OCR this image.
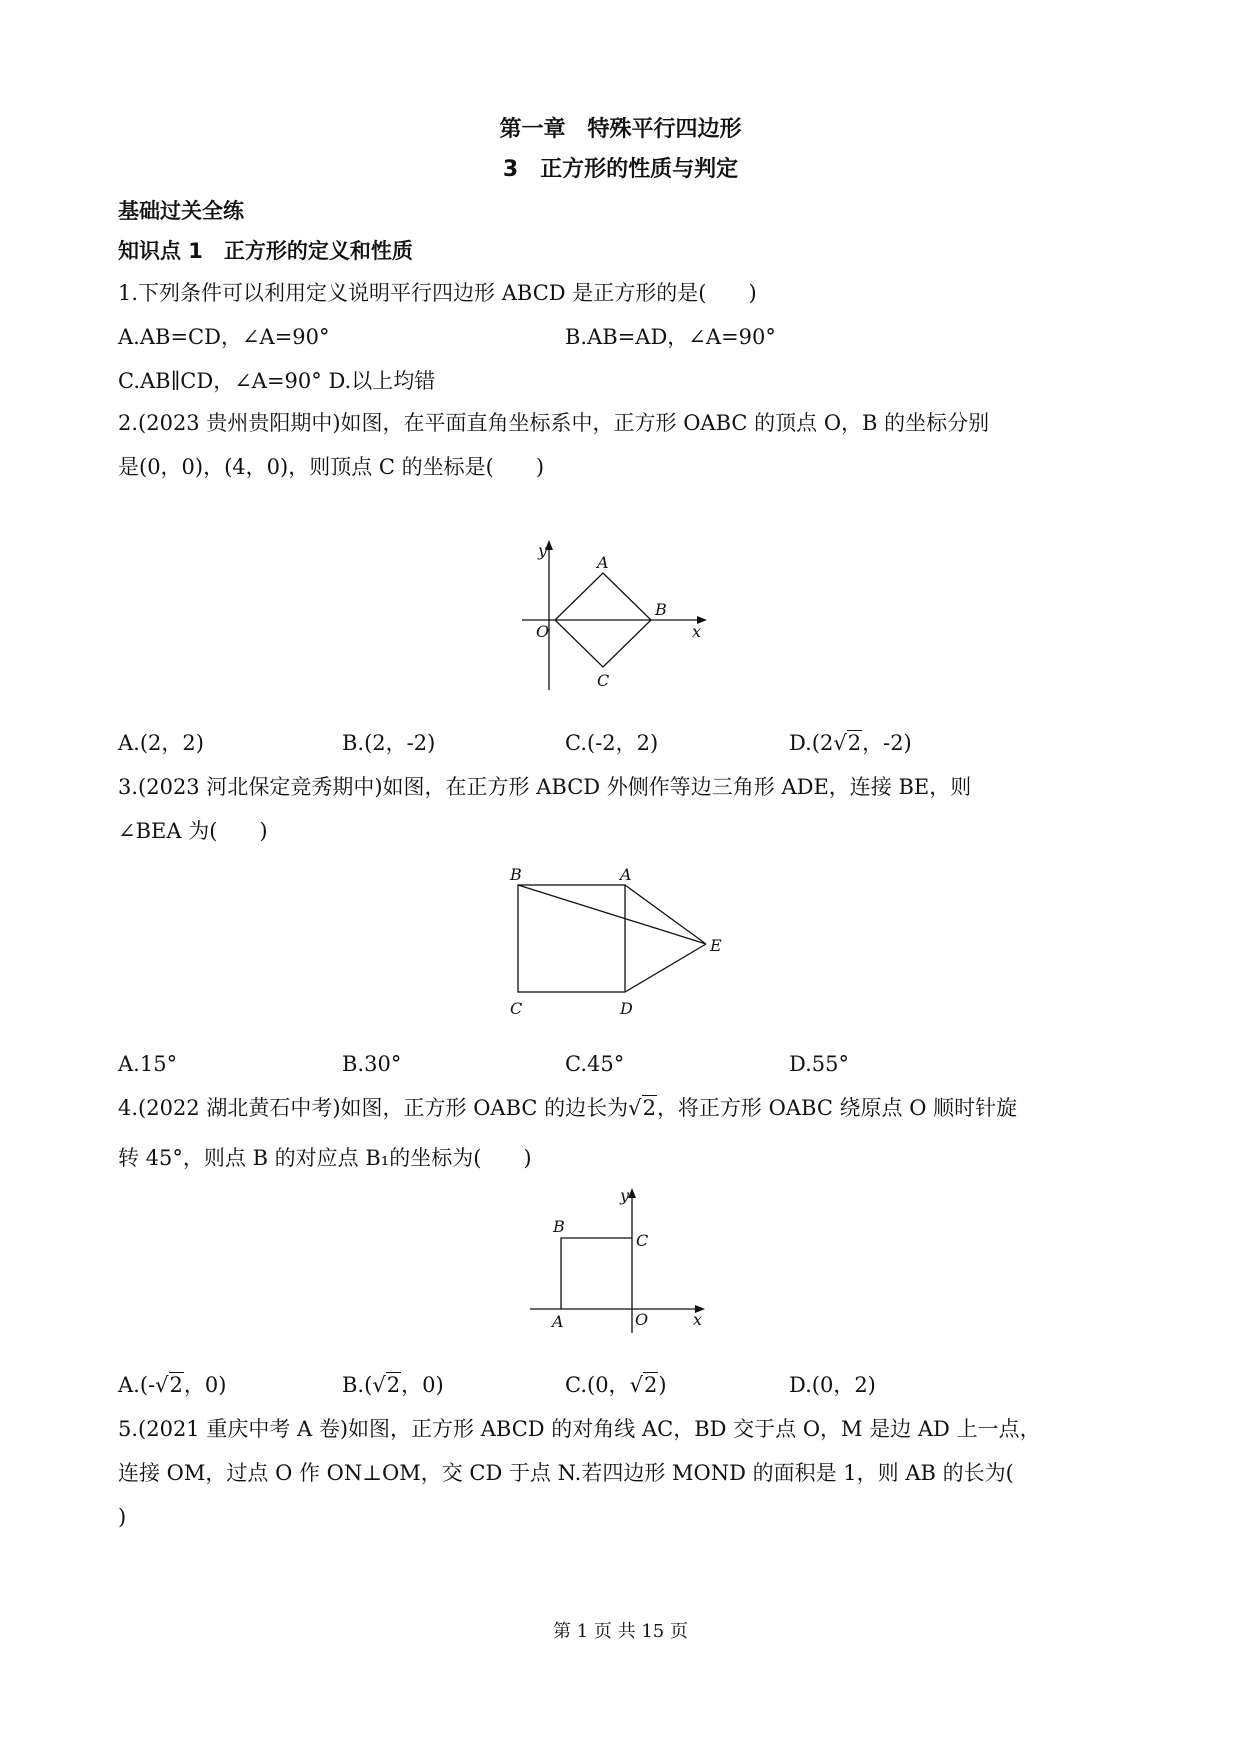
第一章　特殊平行四边形
3　正方形的性质与判定
基础过关全练
知识点 1　正方形的定义和性质
1.下列条件可以利用定义说明平行四边形 ABCD 是正方形的是(　　)
A.AB=CD，∠A=90°	B.AB=AD，∠A=90°
C.AB∥CD，∠A=90° D.以上均错
2.(2023 贵州贵阳期中)如图，在平面直角坐标系中，正方形 OABC 的顶点 O，B 的坐标分别
是(0，0)，(4，0)，则顶点 C 的坐标是(　　)
y
A
B
O	x
C
A.(2，2)	B.(2，-2)	C.(-2，2)	D.(2√2，-2)
3.(2023 河北保定竞秀期中)如图，在正方形 ABCD 外侧作等边三角形 ADE，连接 BE，则
∠BEA 为(　　)
B	A
E
C	D
A.15°	B.30°	C.45°	D.55°
4.(2022 湖北黄石中考)如图，正方形 OABC 的边长为√2，将正方形 OABC 绕原点 O 顺时针旋
转 45°，则点 B 的对应点 B₁的坐标为(　　)
y
B
C
A	O	x
A.(-√2，0)	B.(√2，0)	C.(0，√2)	D.(0，2)
5.(2021 重庆中考 A 卷)如图，正方形 ABCD 的对角线 AC，BD 交于点 O，M 是边 AD 上一点，
连接 OM，过点 O 作 ON⊥OM，交 CD 于点 N.若四边形 MOND 的面积是 1，则 AB 的长为(
)
第 1 页 共 15 页
